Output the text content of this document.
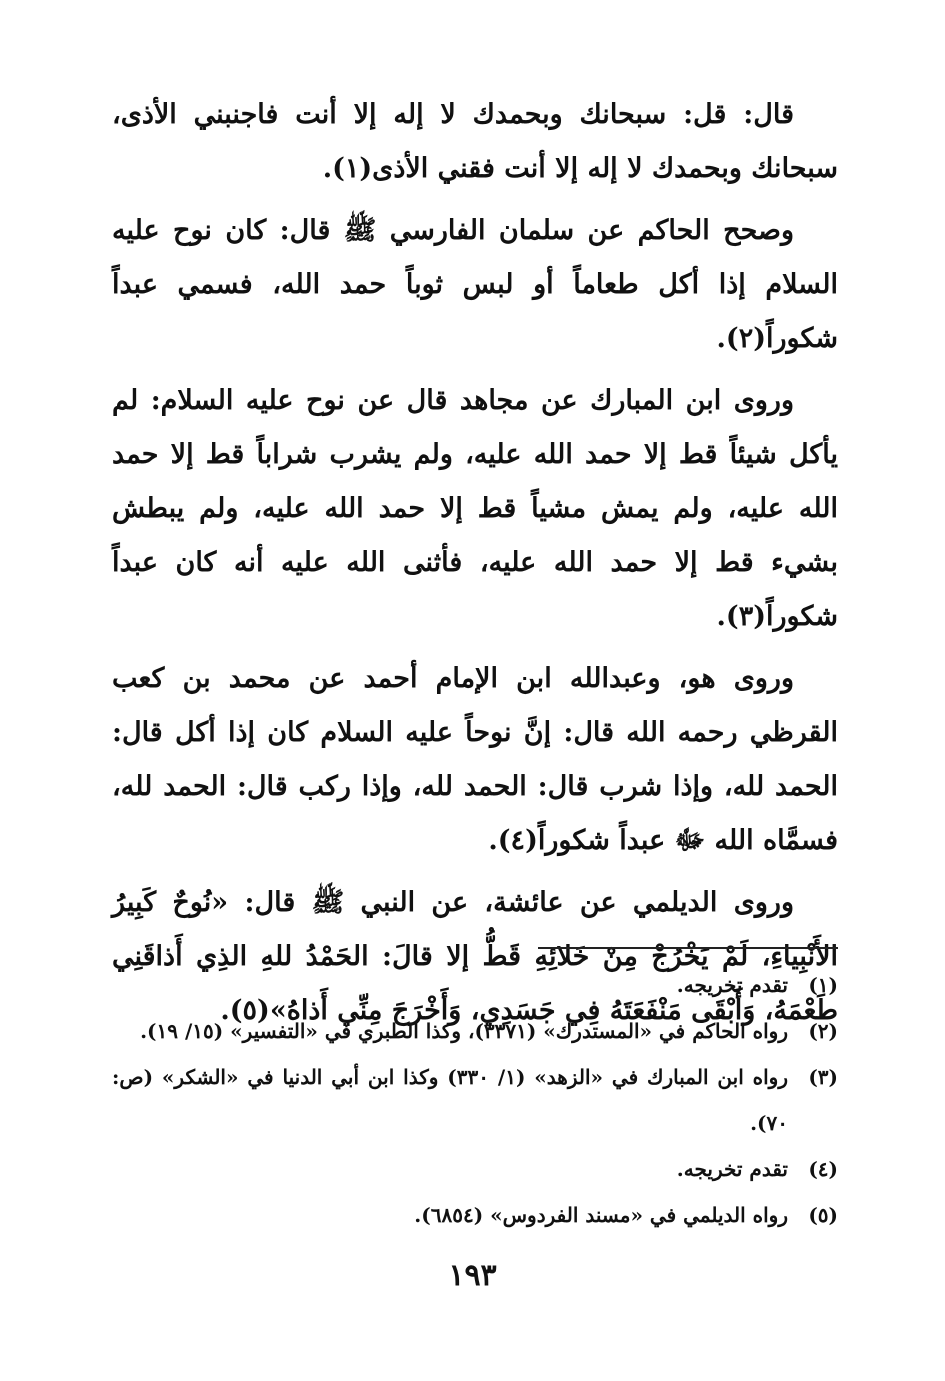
قال: قل: سبحانك وبحمدك لا إله إلا أنت فاجنبني الأذى، سبحانك وبحمدك لا إله إلا أنت فقني الأذى(١).

وصحح الحاكم عن سلمان الفارسي ﷺ قال: كان نوح عليه السلام إذا أكل طعاماً أو لبس ثوباً حمد الله، فسمي عبداً شكوراً(٢).

وروى ابن المبارك عن مجاهد قال عن نوح عليه السلام: لم يأكل شيئاً قط إلا حمد الله عليه، ولم يشرب شراباً قط إلا حمد الله عليه، ولم يمش مشياً قط إلا حمد الله عليه، ولم يبطش بشيء قط إلا حمد الله عليه، فأثنى الله عليه أنه كان عبداً شكوراً(٣).

وروى هو، وعبدالله ابن الإمام أحمد عن محمد بن كعب القرظي رحمه الله قال: إنَّ نوحاً عليه السلام كان إذا أكل قال: الحمد لله، وإذا شرب قال: الحمد لله، وإذا ركب قال: الحمد لله، فسمَّاه الله ﷻ عبداً شكوراً(٤).

وروى الديلمي عن عائشة، عن النبي ﷺ قال: «نُوحٌ كَبِيرُ الأَنْبِياءِ، لَمْ يَخْرُجْ مِنْ خَلائِهِ قَطُّ إلا قالَ: الحَمْدُ للهِ الذِي أَذاقَنِي طَعْمَهُ، وَأَبْقَى مَنْفَعَتَهُ فِي جَسَدِي، وَأَخْرَجَ مِنِّي أَذاهُ»(٥).

(١)
تقدم تخريجه.
(٢)
رواه الحاكم في «المستدرك» (٣٣٧١)، وكذا الطبري في «التفسير» (١٥/ ١٩).
(٣)
رواه ابن المبارك في «الزهد» (١/ ٣٣٠) وكذا ابن أبي الدنيا في «الشكر» (ص: ٧٠).
(٤)
تقدم تخريجه.
(٥)
رواه الديلمي في «مسند الفردوس» (٦٨٥٤).
١٩٣
